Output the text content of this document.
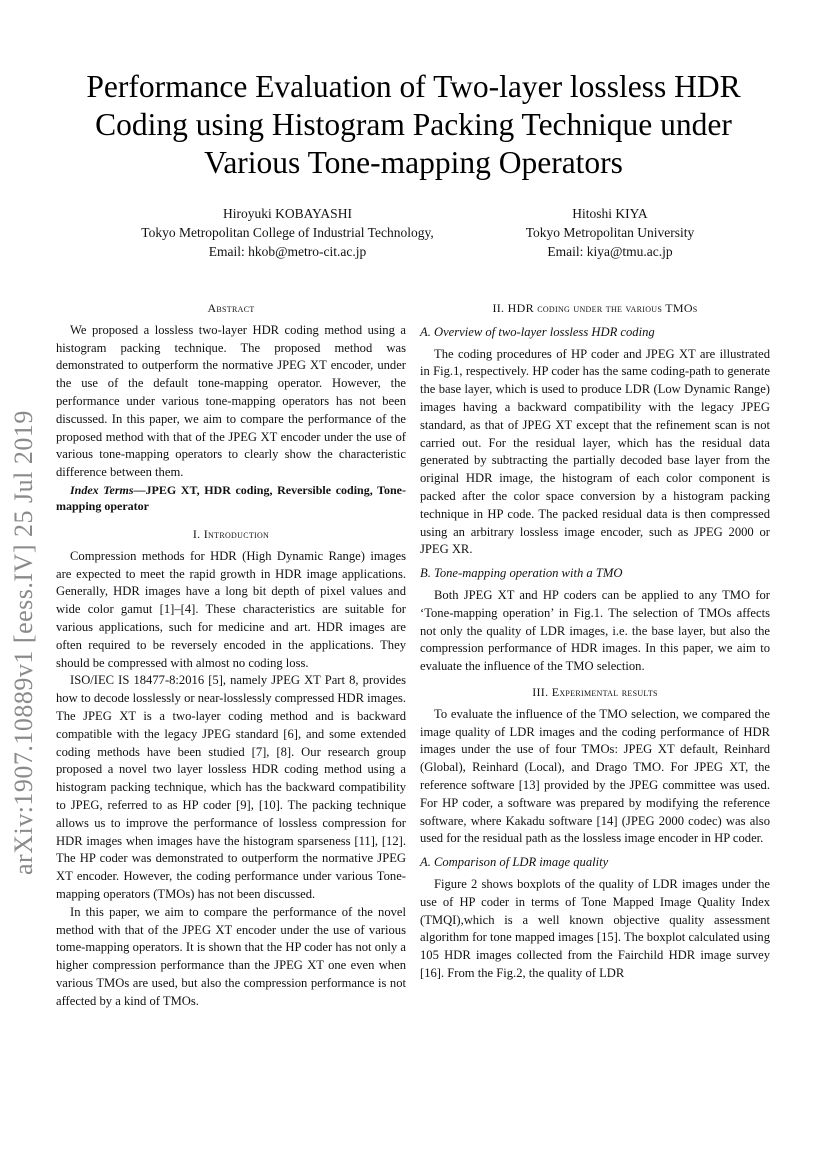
arXiv:1907.10889v1 [eess.IV] 25 Jul 2019
Performance Evaluation of Two-layer lossless HDR
Coding using Histogram Packing Technique under
Various Tone-mapping Operators
Hiroyuki KOBAYASHI
Tokyo Metropolitan College of Industrial Technology,
Email: hkob@metro-cit.ac.jp
Hitoshi KIYA
Tokyo Metropolitan University
Email: kiya@tmu.ac.jp
Abstract

We proposed a lossless two-layer HDR coding method using a histogram packing technique. The proposed method was demonstrated to outperform the normative JPEG XT encoder, under the use of the default tone-mapping operator. However, the performance under various tone-mapping operators has not been discussed. In this paper, we aim to compare the performance of the proposed method with that of the JPEG XT encoder under the use of various tone-mapping operators to clearly show the characteristic difference between them.

Index Terms—JPEG XT, HDR coding, Reversible coding, Tone-mapping operator

I. Introduction

Compression methods for HDR (High Dynamic Range) images are expected to meet the rapid growth in HDR image applications. Generally, HDR images have a long bit depth of pixel values and wide color gamut [1]–[4]. These characteristics are suitable for various applications, such for medicine and art. HDR images are often required to be reversely encoded in the applications. They should be compressed with almost no coding loss.

ISO/IEC IS 18477-8:2016 [5], namely JPEG XT Part 8, provides how to decode losslessly or near-losslessly compressed HDR images. The JPEG XT is a two-layer coding method and is backward compatible with the legacy JPEG standard [6], and some extended coding methods have been studied [7], [8]. Our research group proposed a novel two layer lossless HDR coding method using a histogram packing technique, which has the backward compatibility to JPEG, referred to as HP coder [9], [10]. The packing technique allows us to improve the performance of lossless compression for HDR images when images have the histogram sparseness [11], [12]. The HP coder was demonstrated to outperform the normative JPEG XT encoder. However, the coding performance under various Tone-mapping operators (TMOs) has not been discussed.

In this paper, we aim to compare the performance of the novel method with that of the JPEG XT encoder under the use of various tome-mapping operators. It is shown that the HP coder has not only a higher compression performance than the JPEG XT one even when various TMOs are used, but also the compression performance is not affected by a kind of TMOs.

II. HDR coding under the various TMOs
A. Overview of two-layer lossless HDR coding

The coding procedures of HP coder and JPEG XT are illustrated in Fig.1, respectively. HP coder has the same coding-path to generate the base layer, which is used to produce LDR (Low Dynamic Range) images having a backward compatibility with the legacy JPEG standard, as that of JPEG XT except that the refinement scan is not carried out. For the residual layer, which has the residual data generated by subtracting the partially decoded base layer from the original HDR image, the histogram of each color component is packed after the color space conversion by a histogram packing technique in HP code. The packed residual data is then compressed using an arbitrary lossless image encoder, such as JPEG 2000 or JPEG XR.

B. Tone-mapping operation with a TMO

Both JPEG XT and HP coders can be applied to any TMO for ‘Tone-mapping operation’ in Fig.1. The selection of TMOs affects not only the quality of LDR images, i.e. the base layer, but also the compression performance of HDR images. In this paper, we aim to evaluate the influence of the TMO selection.

III. Experimental results

To evaluate the influence of the TMO selection, we compared the image quality of LDR images and the coding performance of HDR images under the use of four TMOs: JPEG XT default, Reinhard (Global), Reinhard (Local), and Drago TMO. For JPEG XT, the reference software [13] provided by the JPEG committee was used. For HP coder, a software was prepared by modifying the reference software, where Kakadu software [14] (JPEG 2000 codec) was also used for the residual path as the lossless image encoder in HP coder.

A. Comparison of LDR image quality

Figure 2 shows boxplots of the quality of LDR images under the use of HP coder in terms of Tone Mapped Image Quality Index (TMQI),which is a well known objective quality assessment algorithm for tone mapped images [15]. The boxplot calculated using 105 HDR images collected from the Fairchild HDR image survey [16]. From the Fig.2, the quality of LDR
